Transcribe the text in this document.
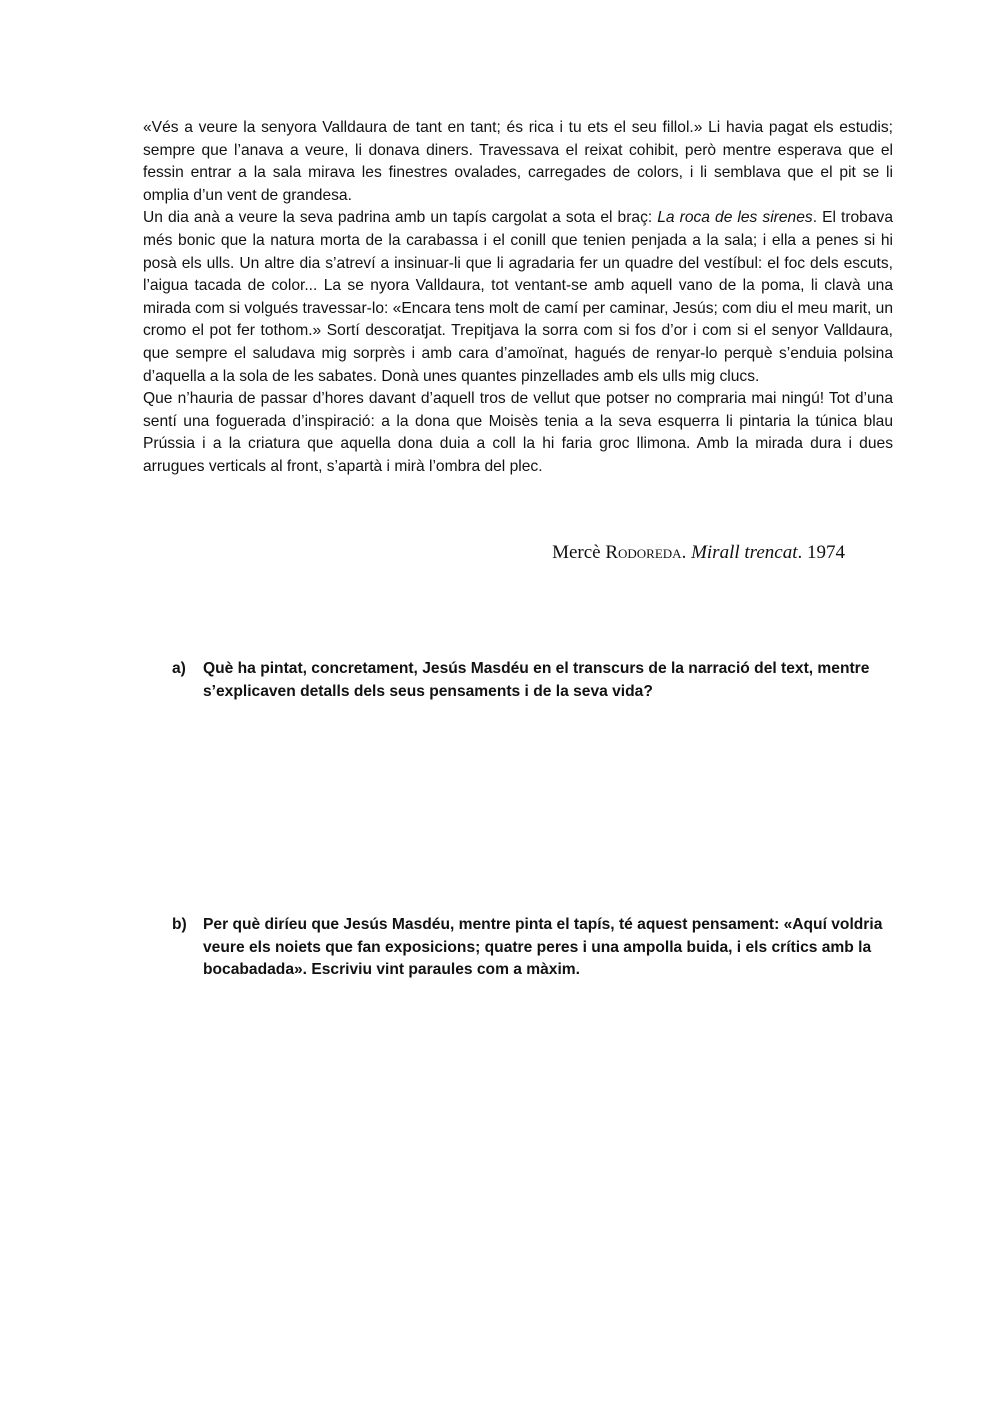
«Vés a veure la senyora Valldaura de tant en tant; és rica i tu ets el seu fillol.» Li havia pagat els estudis; sempre que l’anava a veure, li donava diners. Travessava el reixat cohibit, però mentre esperava que el fessin entrar a la sala mirava les finestres ovalades, carregades de colors, i li semblava que el pit se li omplia d’un vent de grandesa.

Un dia anà a veure la seva padrina amb un tapís cargolat a sota el braç: La roca de les sirenes. El trobava més bonic que la natura morta de la carabassa i el conill que tenien penjada a la sala; i ella a penes si hi posà els ulls. Un altre dia s’atreví a insinuar-li que li agradaria fer un quadre del vestíbul: el foc dels escuts, l’aigua tacada de color... La se nyora Valldaura, tot ventant-se amb aquell vano de la poma, li clavà una mirada com si volgués travessar-lo: «Encara tens molt de camí per caminar, Jesús; com diu el meu marit, un cromo el pot fer tothom.» Sortí descoratjat. Trepitjava la sorra com si fos d’or i com si el senyor Valldaura, que sempre el saludava mig sorprès i amb cara d’amoïnat, hagués de renyar-lo perquè s’enduia polsina d’aquella a la sola de les sabates. Donà unes quantes pinzellades amb els ulls mig clucs.

Que n’hauria de passar d’hores davant d’aquell tros de vellut que potser no compraria mai ningú! Tot d’una sentí una foguerada d’inspiració: a la dona que Moisès tenia a la seva esquerra li pintaria la túnica blau Prússia i a la criatura que aquella dona duia a coll la hi faria groc llimona. Amb la mirada dura i dues arrugues verticals al front, s’apartà i mirà l’ombra del plec.

Mercè Rodoreda. Mirall trencat. 1974
a) Què ha pintat, concretament, Jesús Masdéu en el transcurs de la narració del text, mentre s’explicaven detalls dels seus pensaments i de la seva vida?
b) Per què diríeu que Jesús Masdéu, mentre pinta el tapís, té aquest pensament: «Aquí voldria veure els noiets que fan exposicions; quatre peres i una ampolla buida, i els crítics amb la bocabadada». Escriviu vint paraules com a màxim.
